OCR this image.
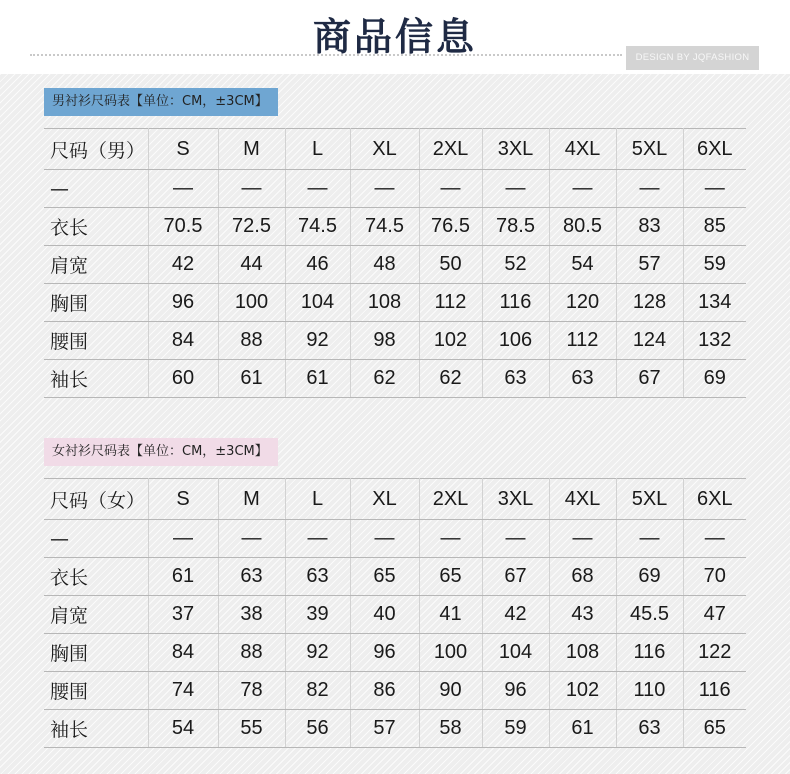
商品信息	DESIGN BY JQFASHION
男衬衫尺码表【单位：CM，±3CM】
尺码（男）	S	M	L	XL	2XL	3XL	4XL	5XL	6XL
—	—	—	—	—	—	—	—	—	—
衣长	70.5	72.5	74.5	74.5	76.5	78.5	80.5	83	85
肩宽	42	44	46	48	50	52	54	57	59
胸围	96	100	104	108	112	116	120	128	134
腰围	84	88	92	98	102	106	112	124	132
袖长	60	61	61	62	62	63	63	67	69
女衬衫尺码表【单位：CM，±3CM】
尺码（女）	S	M	L	XL	2XL	3XL	4XL	5XL	6XL
—	—	—	—	—	—	—	—	—	—
衣长	61	63	63	65	65	67	68	69	70
肩宽	37	38	39	40	41	42	43	45.5	47
胸围	84	88	92	96	100	104	108	116	122
腰围	74	78	82	86	90	96	102	110	116
袖长	54	55	56	57	58	59	61	63	65
